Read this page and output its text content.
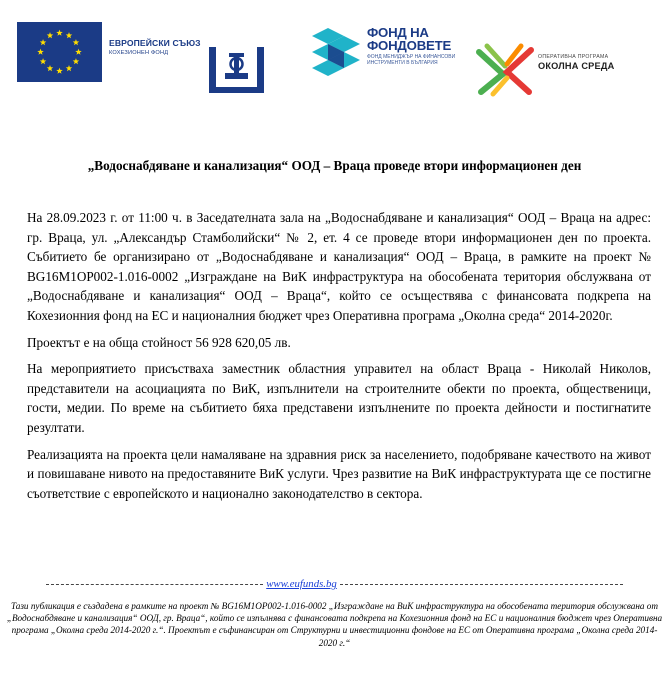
ЕВРОПЕЙСКИ СЪЮЗ
КОХЕЗИОНЕН ФОНД
ФОНД НА
ФОНДОВЕТЕ
ФОНД МЕНИДЖЪР НА ФИНАНСОВИ ИНСТРУМЕНТИ В БЪЛГАРИЯ
ОПЕРАТИВНА ПРОГРАМА
ОКОЛНА СРЕДА
„Водоснабдяване и канализация“ ООД – Враца проведе втори информационен ден

На 28.09.2023 г. от 11:00 ч. в Заседателната зала на „Водоснабдяване и канализация“ ООД – Враца на адрес: гр. Враца, ул. „Александър Стамболийски“ № 2, ет. 4 се проведе втори информационен ден по проекта. Събитието бе организирано от „Водоснабдяване и канализация“ ООД – Враца, в рамките на проект № BG16M1OP002-1.016-0002 „Изграждане на ВиК инфраструктура на обособената територия обслужвана от „Водоснабдяване и канализация“ ООД – Враца“, който се осъществява с финансовата подкрепа на Кохезионния фонд на ЕС и националния бюджет чрез Оперативна програма „Околна среда“ 2014-2020г.

Проектът е на обща стойност 56 928 620,05 лв.

На мероприятието присъстваха заместник областния управител на област Враца - Николай Николов, представители на асоциацията по ВиК, изпълнители на строителните обекти по проекта, общественици, гости, медии. По време на събитието бяха представени изпълнените по проекта дейности и постигнатите резултати.

Реализацията на проекта цели намаляване на здравния риск за населението, подобряване качеството на живот и повишаване нивото на предоставяните ВиК услуги. Чрез развитие на ВиК инфраструктурата ще се постигне съответствие с европейското и национално законодателство в сектора.

www.eufunds.bg

Тази публикация е създадена в рамките на проект № BG16M1OP002-1.016-0002 „Изграждане на ВиК инфраструктура на обособената територия обслужвана от „Водоснабдяване и канализация“ ООД, гр. Враца“, който се изпълнява с финансовата подкрепа на Кохезионния фонд на ЕС и националния бюджет чрез Оперативна програма „Околна среда 2014-2020 г.“. Проектът е съфинансиран от Структурни и инвестиционни фондове на ЕС от Оперативна програма „Околна среда 2014-2020 г.“
